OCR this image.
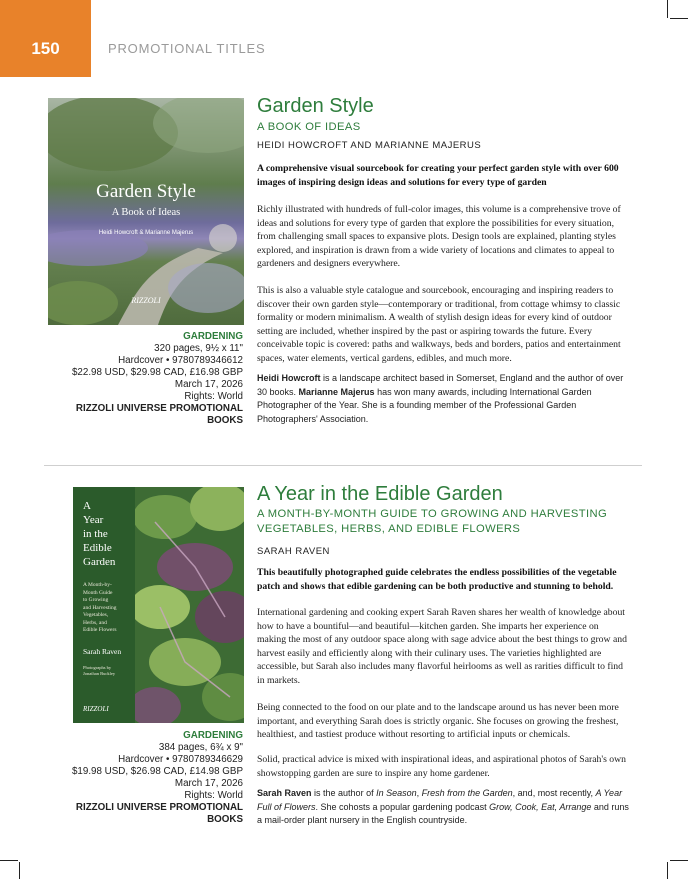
150	PROMOTIONAL TITLES
Garden Style
A Book of Ideas
Heidi Howcroft & Marianne Majerus
RIZZOLI
GARDENING
320 pages, 9½ x 11"
Hardcover • 9780789346612
$22.98 USD, $29.98 CAD, £16.98 GBP
March 17, 2026
Rights: World
RIZZOLI UNIVERSE PROMOTIONAL BOOKS
Garden Style
A BOOK OF IDEAS
HEIDI HOWCROFT AND MARIANNE MAJERUS
A comprehensive visual sourcebook for creating your perfect garden style with over 600 images of inspiring design ideas and solutions for every type of garden
Richly illustrated with hundreds of full-color images, this volume is a comprehensive trove of ideas and solutions for every type of garden that explore the possibilities for every situation, from challenging small spaces to expansive plots. Design tools are explained, planting styles explored, and inspiration is drawn from a wide variety of locations and climates to appeal to gardeners and designers everywhere.
This is also a valuable style catalogue and sourcebook, encouraging and inspiring readers to discover their own garden style—contemporary or traditional, from cottage whimsy to classic formality or modern minimalism. A wealth of stylish design ideas for every kind of outdoor setting are included, whether inspired by the past or aspiring towards the future. Every conceivable topic is covered: paths and walkways, beds and borders, patios and entertainment spaces, water elements, vertical gardens, edibles, and much more.
Heidi Howcroft is a landscape architect based in Somerset, England and the author of over 30 books. Marianne Majerus has won many awards, including International Garden Photographer of the Year. She is a founding member of the Professional Garden Photographers' Association.
A
Year
in the
Edible
Garden
A Month-by-
Month Guide
to Growing
and Harvesting
Vegetables,
Herbs, and
Edible Flowers
Sarah Raven
Photographs by
Jonathan Buckley
RIZZOLI
GARDENING
384 pages, 6¾ x 9"
Hardcover • 9780789346629
$19.98 USD, $26.98 CAD, £14.98 GBP
March 17, 2026
Rights: World
RIZZOLI UNIVERSE PROMOTIONAL BOOKS
A Year in the Edible Garden
A MONTH-BY-MONTH GUIDE TO GROWING AND HARVESTING
VEGETABLES, HERBS, AND EDIBLE FLOWERS
SARAH RAVEN
This beautifully photographed guide celebrates the endless possibilities of the vegetable patch and shows that edible gardening can be both productive and stunning to behold.
International gardening and cooking expert Sarah Raven shares her wealth of knowledge about how to have a bountiful—and beautiful—kitchen garden. She imparts her experience on making the most of any outdoor space along with sage advice about the best things to grow and harvest easily and efficiently along with their culinary uses. The varieties highlighted are accessible, but Sarah also includes many flavorful heirlooms as well as rarities difficult to find in markets.
Being connected to the food on our plate and to the landscape around us has never been more important, and everything Sarah does is strictly organic. She focuses on growing the freshest, healthiest, and tastiest produce without resorting to artificial inputs or chemicals.
Solid, practical advice is mixed with inspirational ideas, and aspirational photos of Sarah's own showstopping garden are sure to inspire any home gardener.
Sarah Raven is the author of In Season, Fresh from the Garden, and, most recently, A Year Full of Flowers. She cohosts a popular gardening podcast Grow, Cook, Eat, Arrange and runs a mail-order plant nursery in the English countryside.
